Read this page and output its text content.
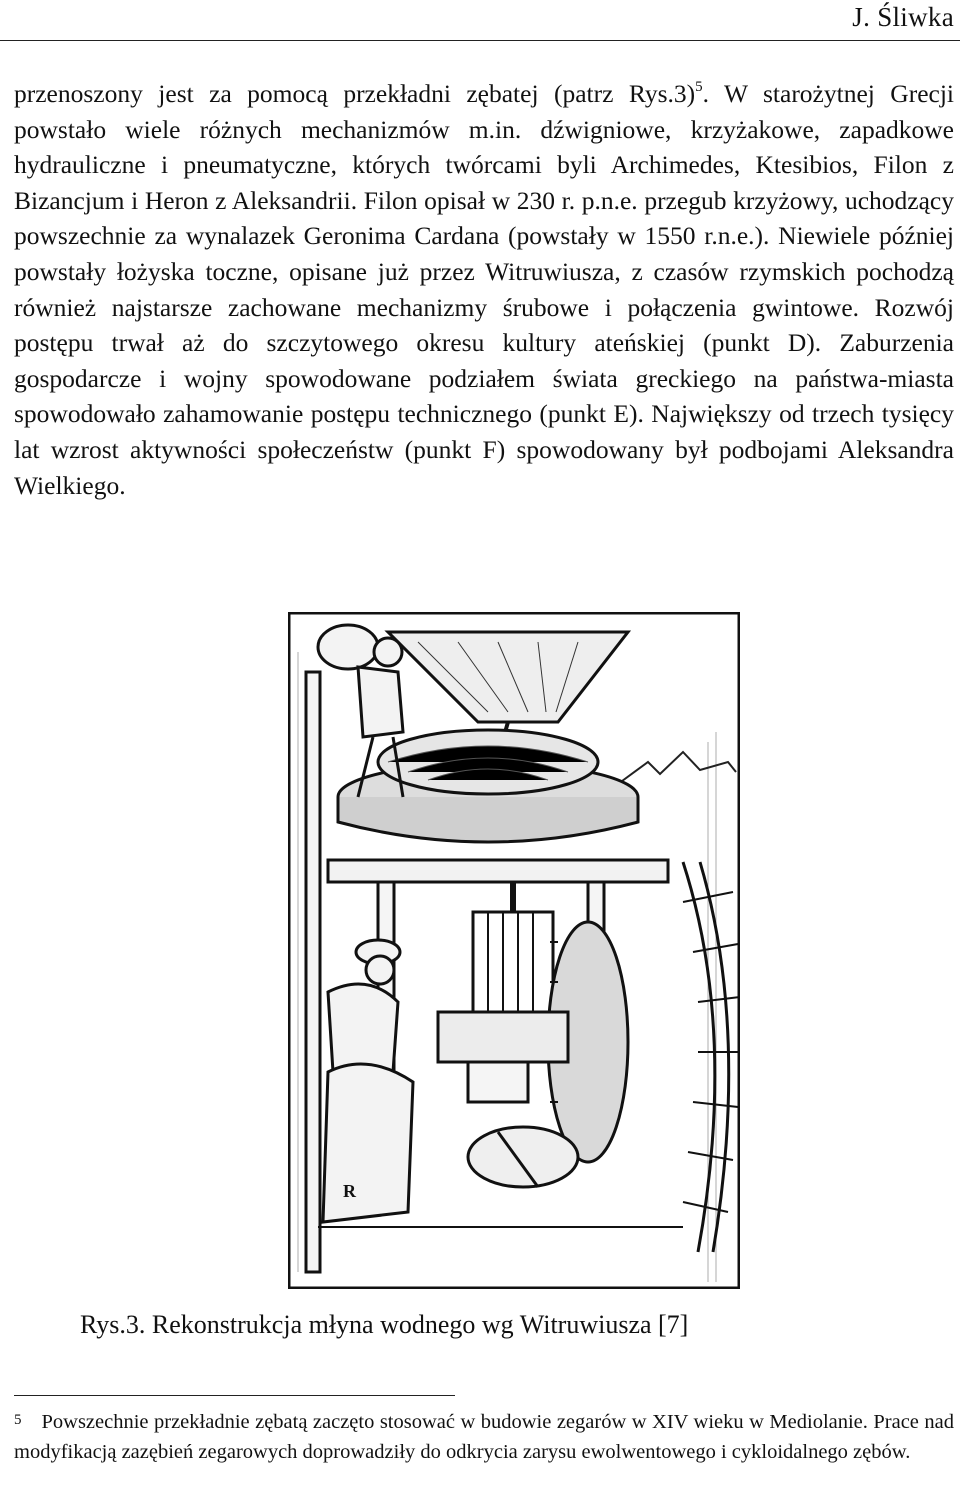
J. Śliwka

przenoszony jest za pomocą przekładni zębatej (patrz Rys.3)$^5$. W starożytnej Grecji powstało wiele różnych mechanizmów m.in. dźwigniowe, krzyżakowe, zapadkowe hydrauliczne i pneumatyczne, których twórcami byli Archimedes, Ktesibios, Filon z Bizancjum i Heron z Aleksandrii. Filon opisał w 230 r. p.n.e. przegub krzyżowy, uchodzący powszechnie za wynalazek Geronima Cardana (powstały w 1550 r.n.e.). Niewiele później powstały łożyska toczne, opisane już przez Witruwiusza, z czasów rzymskich pochodzą również najstarsze zachowane mechanizmy śrubowe i połączenia gwintowe. Rozwój postępu trwał aż do szczytowego okresu kultury ateńskiej (punkt D). Zaburzenia gospodarcze i wojny spowodowane podziałem świata greckiego na państwa-miasta spowodowało zahamowanie postępu technicznego (punkt E). Największy od trzech tysięcy lat wzrost aktywności społeczeństw (punkt F) spowodowany był podbojami Aleksandra Wielkiego.

R
Rys.3. Rekonstrukcja młyna wodnego wg Witruwiusza [7]
$^5$ Powszechnie przekładnie zębatą zaczęto stosować w budowie zegarów w XIV wieku w Mediolanie. Prace nad modyfikacją zazębień zegarowych doprowadziły do odkrycia zarysu ewolwentowego i cykloidalnego zębów.
